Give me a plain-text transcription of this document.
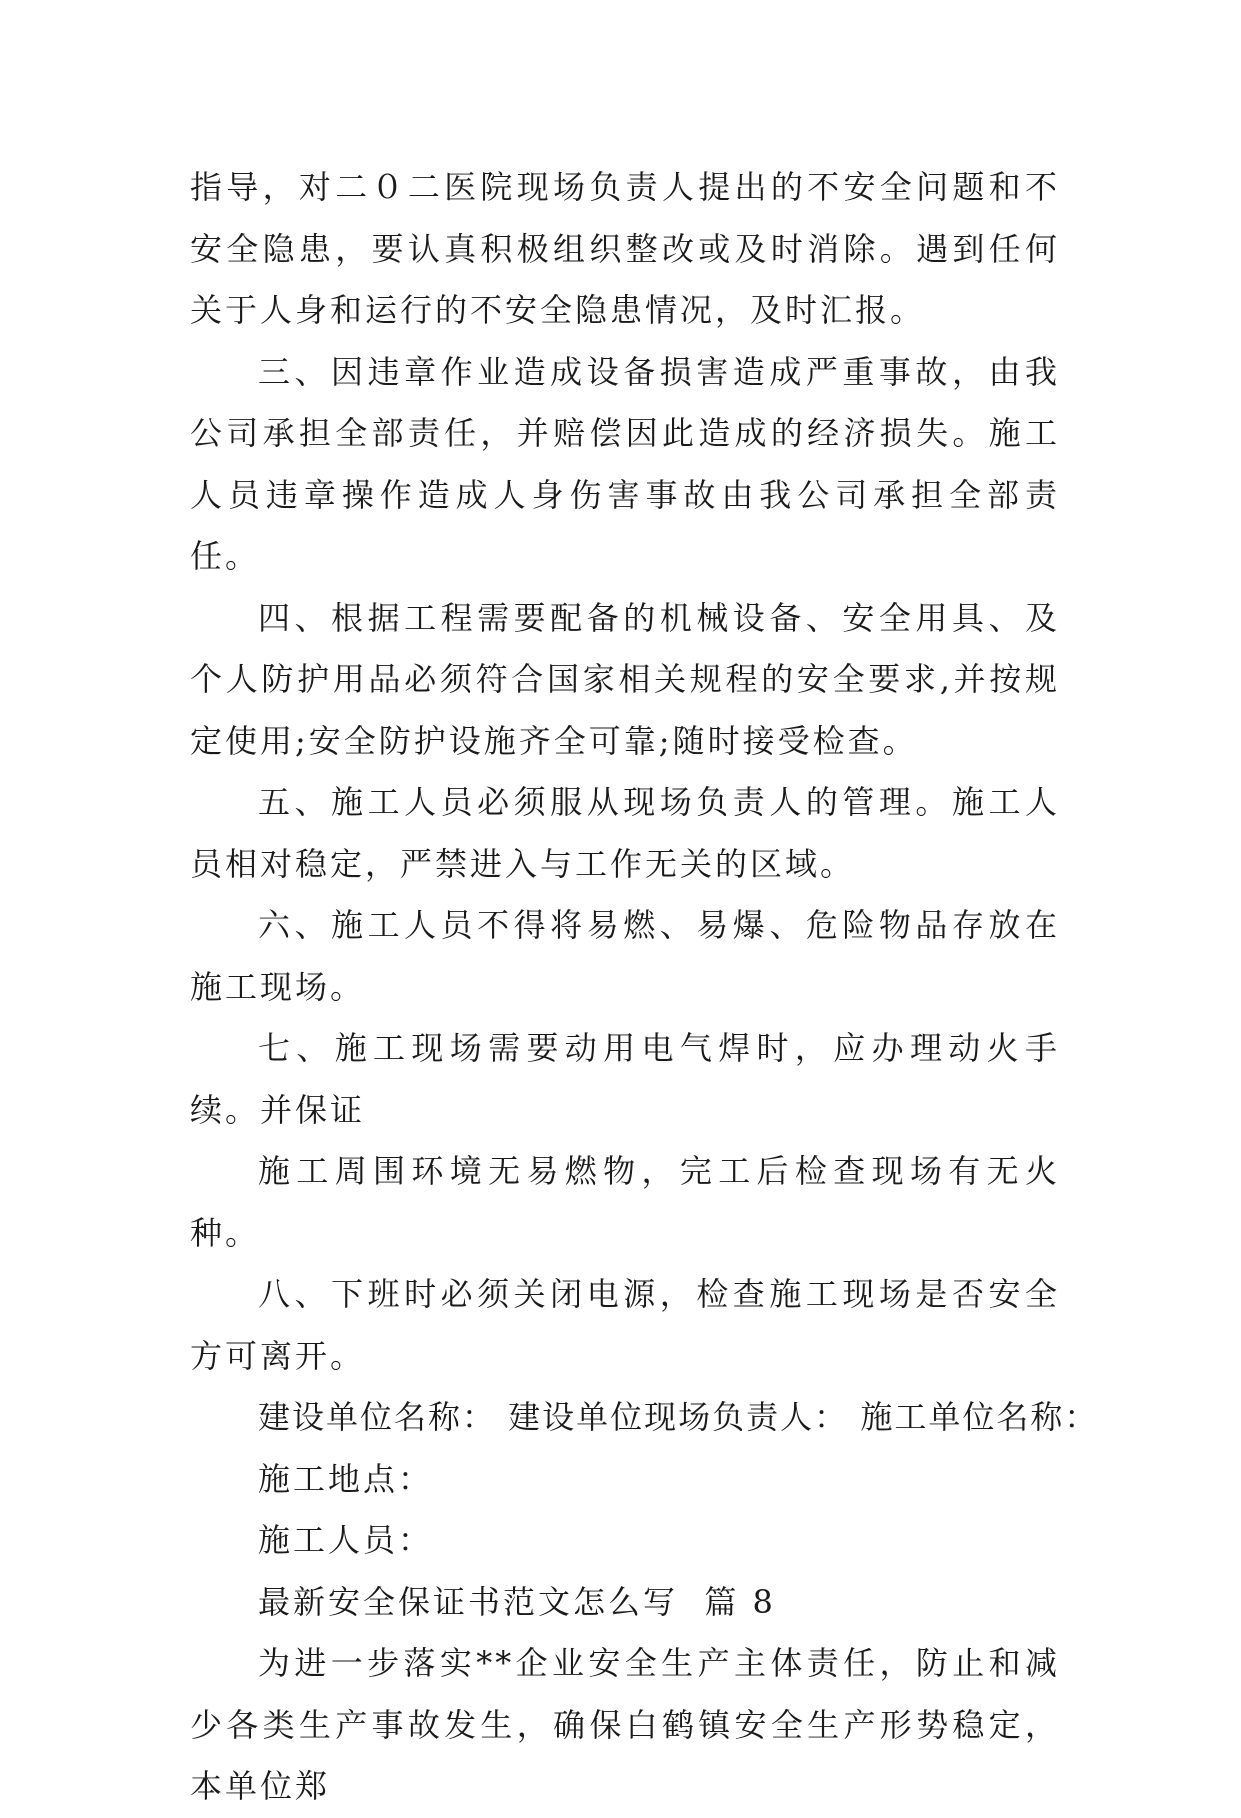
指导，对二０二医院现场负责人提出的不安全问题和不安全隐患，要认真积极组织整改或及时消除。遇到任何关于人身和运行的不安全隐患情况，及时汇报。

三、因违章作业造成设备损害造成严重事故，由我公司承担全部责任，并赔偿因此造成的经济损失。施工人员违章操作造成人身伤害事故由我公司承担全部责任。

四、根据工程需要配备的机械设备、安全用具、及个人防护用品必须符合国家相关规程的安全要求,并按规定使用;安全防护设施齐全可靠;随时接受检查。

五、施工人员必须服从现场负责人的管理。施工人员相对稳定，严禁进入与工作无关的区域。

六、施工人员不得将易燃、易爆、危险物品存放在施工现场。

七、施工现场需要动用电气焊时，应办理动火手续。并保证

施工周围环境无易燃物，完工后检查现场有无火种。

八、下班时必须关闭电源，检查施工现场是否安全方可离开。

建设单位名称： 建设单位现场负责人： 施工单位名称：

施工地点：

施工人员：

最新安全保证书范文怎么写  篇 8

为进一步落实**企业安全生产主体责任，防止和减少各类生产事故发生，确保白鹤镇安全生产形势稳定，本单位郑
